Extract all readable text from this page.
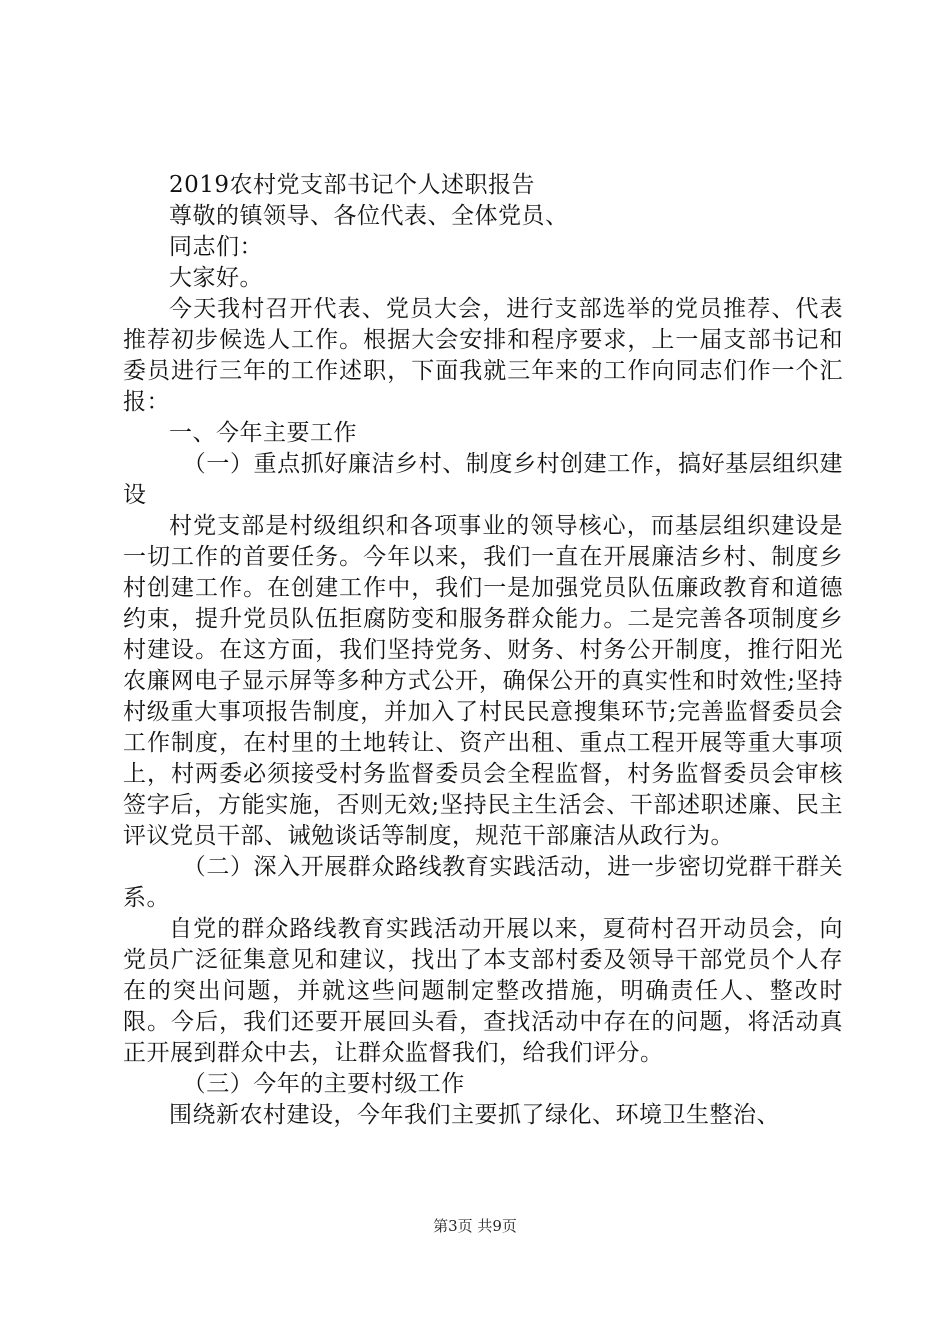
2019农村党支部书记个人述职报告

尊敬的镇领导、各位代表、全体党员、

同志们：

大家好。

今天我村召开代表、党员大会，进行支部选举的党员推荐、代表推荐初步候选人工作。根据大会安排和程序要求，上一届支部书记和委员进行三年的工作述职，下面我就三年来的工作向同志们作一个汇报：

一、今年主要工作

（一）重点抓好廉洁乡村、制度乡村创建工作，搞好基层组织建设

村党支部是村级组织和各项事业的领导核心，而基层组织建设是一切工作的首要任务。今年以来，我们一直在开展廉洁乡村、制度乡村创建工作。在创建工作中，我们一是加强党员队伍廉政教育和道德约束，提升党员队伍拒腐防变和服务群众能力。二是完善各项制度乡村建设。在这方面，我们坚持党务、财务、村务公开制度，推行阳光农廉网电子显示屏等多种方式公开，确保公开的真实性和时效性;坚持村级重大事项报告制度，并加入了村民民意搜集环节;完善监督委员会工作制度，在村里的土地转让、资产出租、重点工程开展等重大事项上，村两委必须接受村务监督委员会全程监督，村务监督委员会审核签字后，方能实施，否则无效;坚持民主生活会、干部述职述廉、民主评议党员干部、诫勉谈话等制度，规范干部廉洁从政行为。

（二）深入开展群众路线教育实践活动，进一步密切党群干群关系。

自党的群众路线教育实践活动开展以来，夏荷村召开动员会，向党员广泛征集意见和建议，找出了本支部村委及领导干部党员个人存在的突出问题，并就这些问题制定整改措施，明确责任人、整改时限。今后，我们还要开展回头看，查找活动中存在的问题，将活动真正开展到群众中去，让群众监督我们，给我们评分。

（三）今年的主要村级工作

围绕新农村建设，今年我们主要抓了绿化、环境卫生整治、

第3页 共9页
